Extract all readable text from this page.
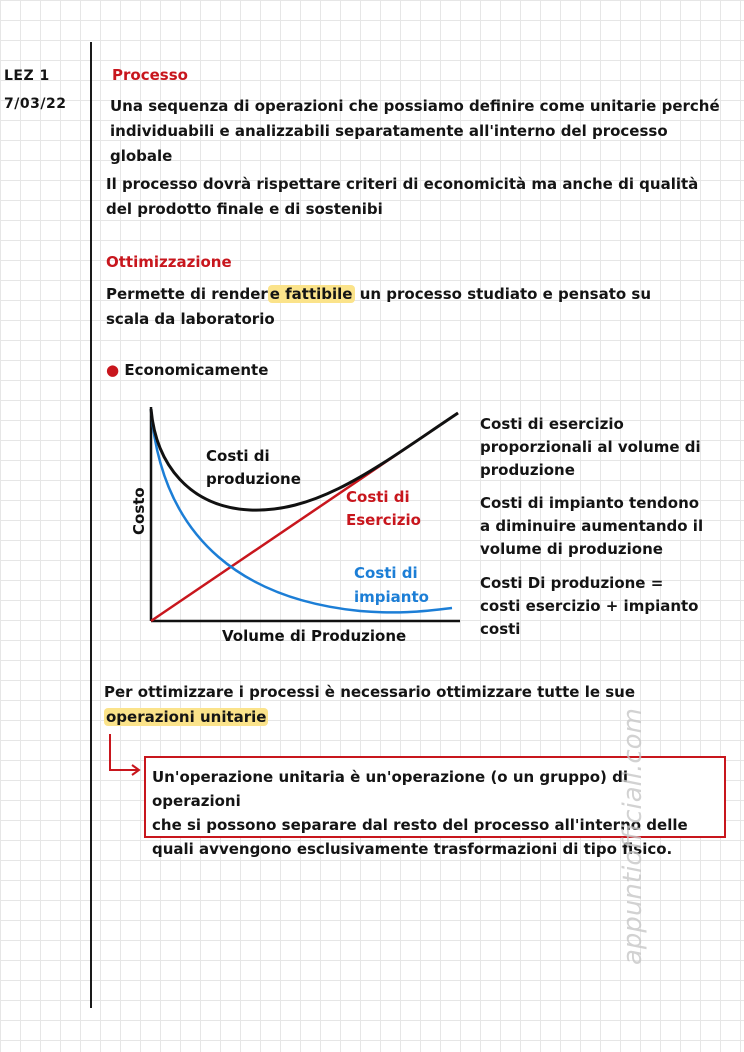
LEZ 1
7/03/22
Processo
Una sequenza di operazioni che possiamo definire come unitarie perché
individuabili e analizzabili separatamente all'interno del processo
globale
Il processo dovrà rispettare criteri di economicità ma anche di qualità
del prodotto finale e di sostenibi
Ottimizzazione
Permette di render e fattibile un processo studiato e pensato su
scala da laboratorio
● Economicamente
Costi di
produzione
Costi di
Esercizio
Costi di
impianto
Volume di Produzione
Costo
Costi di esercizio
proporzionali al volume di
produzione
Costi di impianto tendono
a diminuire aumentando il
volume di produzione
Costi Di produzione =
costi esercizio + impianto
costi
Per ottimizzare i processi è necessario ottimizzare tutte le sue
operazioni unitarie
Un'operazione unitaria è un'operazione (o un gruppo) di operazioni
che si possono separare dal resto del processo all'interno delle
quali avvengono esclusivamente trasformazioni di tipo fisico.
appuntiofficiali.com
